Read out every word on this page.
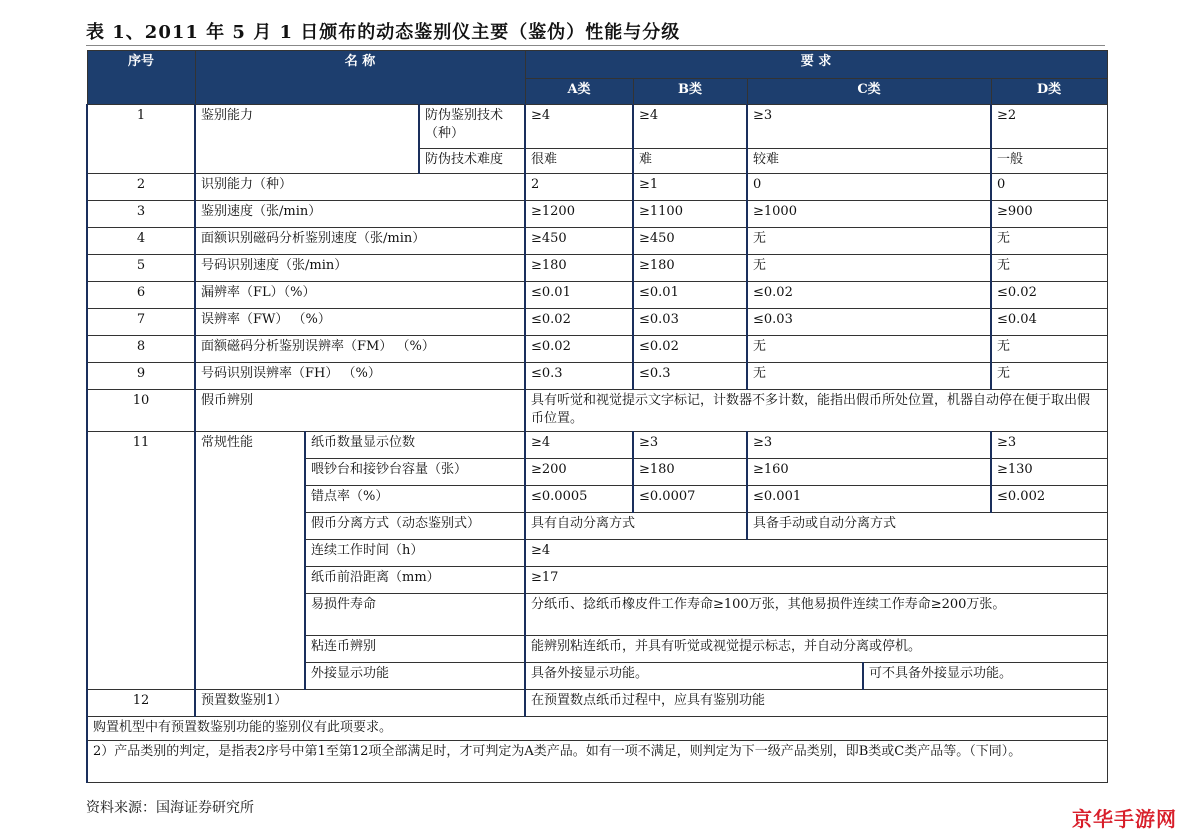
表 1、2011 年 5 月 1 日颁布的动态鉴别仪主要（鉴伪）性能与分级
序号	名 称			要 求				
				A类	B类	C类		D类
1	鉴别能力		防伪鉴别技术（种）	≥4	≥4	≥3		≥2
			防伪技术难度	很难	难	较难		一般
2	识别能力（种）			2	≥1	0		0
3	鉴别速度（张/min）			≥1200	≥1100	≥1000		≥900
4	面额识别磁码分析鉴别速度（张/min）			≥450	≥450	无		无
5	号码识别速度（张/min）			≥180	≥180	无		无
6	漏辨率（FL）（%）			≤0.01	≤0.01	≤0.02		≤0.02
7	误辨率（FW） （%）			≤0.02	≤0.03	≤0.03		≤0.04
8	面额磁码分析鉴别误辨率（FM） （%）			≤0.02	≤0.02	无		无
9	号码识别误辨率（FH） （%）			≤0.3	≤0.3	无		无
10	假币辨别			具有听觉和视觉提示文字标记，计数器不多计数，能指出假币所处位置，机器自动停在便于取出假币位置。				
11	常规性能	纸币数量显示位数		≥4	≥3	≥3		≥3
		喂钞台和接钞台容量（张）		≥200	≥180	≥160		≥130
		错点率（%）		≤0.0005	≤0.0007	≤0.001		≤0.002
		假币分离方式（动态鉴别式）		具有自动分离方式		具备手动或自动分离方式		
		连续工作时间（h）		≥4				
		纸币前沿距离（mm）		≥17				
		易损件寿命		分纸币、捻纸币橡皮件工作寿命≥100万张，其他易损件连续工作寿命≥200万张。				
		粘连币辨别		能辨别粘连纸币，并具有听觉或视觉提示标志，并自动分离或停机。				
		外接显示功能		具备外接显示功能。			可不具备外接显示功能。	
12	预置数鉴别1）			在预置数点纸币过程中，应具有鉴别功能				
购置机型中有预置数鉴别功能的鉴别仪有此项要求。								
2）产品类别的判定，是指表2序号中第1至第12项全部满足时，才可判定为A类产品。如有一项不满足，则判定为下一级产品类别，即B类或C类产品等。（下同）。								
资料来源：国海证券研究所	京华手游网
